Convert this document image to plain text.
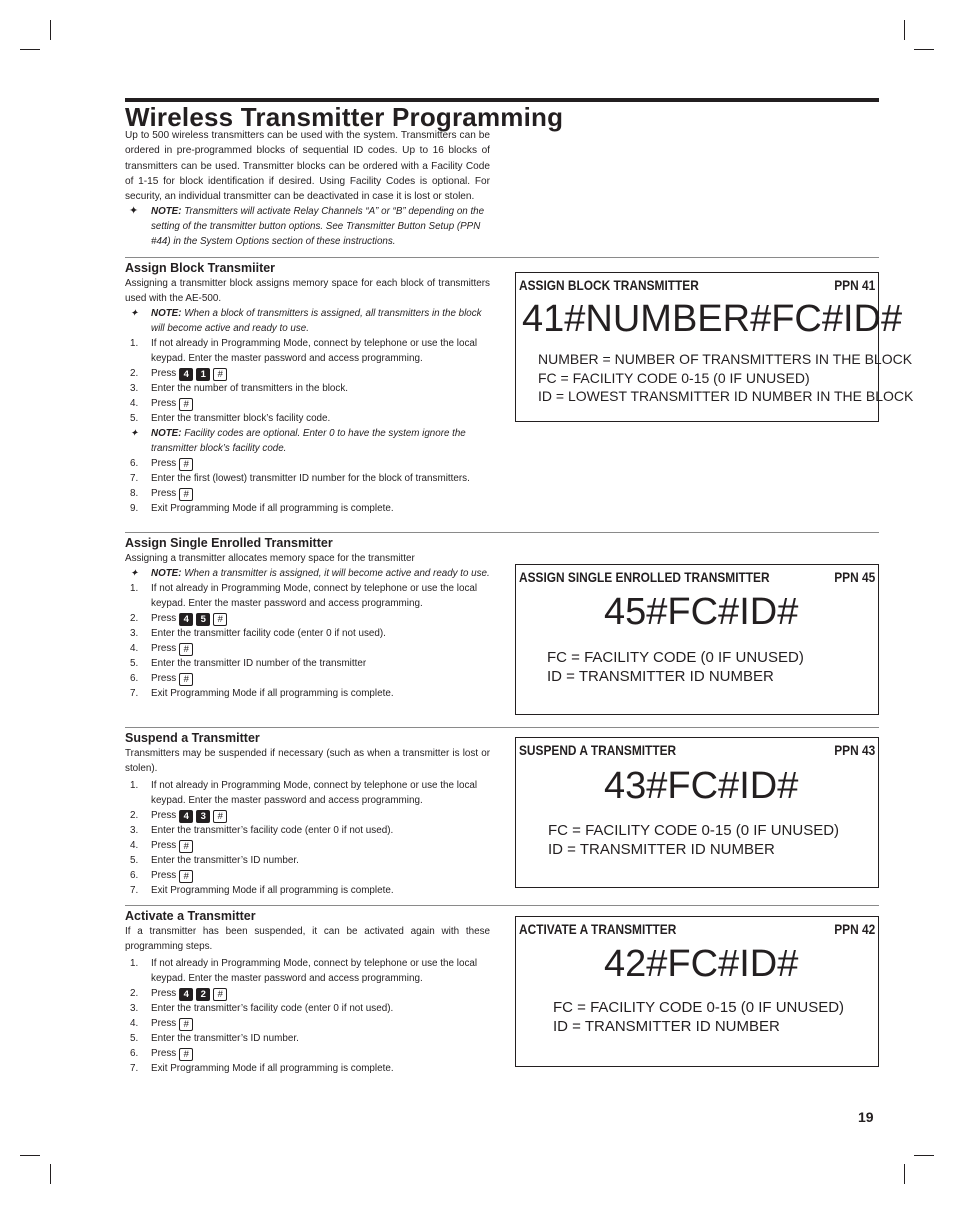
Wireless Transmitter Programming
Up to 500 wireless transmitters can be used with the system. Transmitters can be ordered in pre-programmed blocks of sequential ID codes. Up to 16 blocks of transmitters can be used. Transmitter blocks can be ordered with a Facility Code of 1-15 for block identification if desired. Using Facility Codes is optional. For security, an individual transmitter can be deactivated in case it is lost or stolen.
✦ NOTE: Transmitters will activate Relay Channels “A” or “B” depending on the setting of the transmitter button options. See Transmitter Button Setup (PPN #44) in the System Options section of these instructions.
Assign Block Transmiiter
Assigning a transmitter block assigns memory space for each block of transmitters used with the AE-500.
✦ NOTE: When a block of transmitters is assigned, all transmitters in the block will become active and ready to use.
1. If not already in Programming Mode, connect by telephone or use the local keypad. Enter the master password and access programming.
2. Press 4 1 #
3. Enter the number of transmitters in the block.
4. Press #
5. Enter the transmitter block’s facility code.
✦ NOTE: Facility codes are optional. Enter 0 to have the system ignore the transmitter block’s facility code.
6. Press #
7. Enter the first (lowest) transmitter ID number for the block of transmitters.
8. Press #
9. Exit Programming Mode if all programming is complete.
ASSIGN BLOCK TRANSMITTER	PPN 41
41#NUMBER#FC#ID#
NUMBER = NUMBER OF TRANSMITTERS IN THE BLOCK
FC = FACILITY CODE 0-15 (0 IF UNUSED)
ID = LOWEST TRANSMITTER ID NUMBER IN THE BLOCK
Assign Single Enrolled Transmitter
Assigning a transmitter allocates memory space for the transmitter
✦ NOTE: When a transmitter is assigned, it will become active and ready to use.
1. If not already in Programming Mode, connect by telephone or use the local keypad. Enter the master password and access programming.
2. Press 4 5 #
3. Enter the transmitter facility code (enter 0 if not used).
4. Press #
5. Enter the transmitter ID number of the transmitter
6. Press #
7. Exit Programming Mode if all programming is complete.
ASSIGN SINGLE ENROLLED TRANSMITTER	PPN 45
45#FC#ID#
FC = FACILITY CODE (0 IF UNUSED)
ID = TRANSMITTER ID NUMBER
Suspend a Transmitter
Transmitters may be suspended if necessary (such as when a transmitter is lost or stolen).
1. If not already in Programming Mode, connect by telephone or use the local keypad. Enter the master password and access programming.
2. Press 4 3 #
3. Enter the transmitter’s facility code (enter 0 if not used).
4. Press #
5. Enter the transmitter’s ID number.
6. Press #
7. Exit Programming Mode if all programming is complete.
SUSPEND A TRANSMITTER	PPN 43
43#FC#ID#
FC = FACILITY CODE 0-15 (0 IF UNUSED)
ID = TRANSMITTER ID NUMBER
Activate a Transmitter
If a transmitter has been suspended, it can be activated again with these programming steps.
1. If not already in Programming Mode, connect by telephone or use the local keypad. Enter the master password and access programming.
2. Press 4 2 #
3. Enter the transmitter’s facility code (enter 0 if not used).
4. Press #
5. Enter the transmitter’s ID number.
6. Press #
7. Exit Programming Mode if all programming is complete.
ACTIVATE A TRANSMITTER	PPN 42
42#FC#ID#
FC = FACILITY CODE 0-15 (0 IF UNUSED)
ID = TRANSMITTER ID NUMBER
19
